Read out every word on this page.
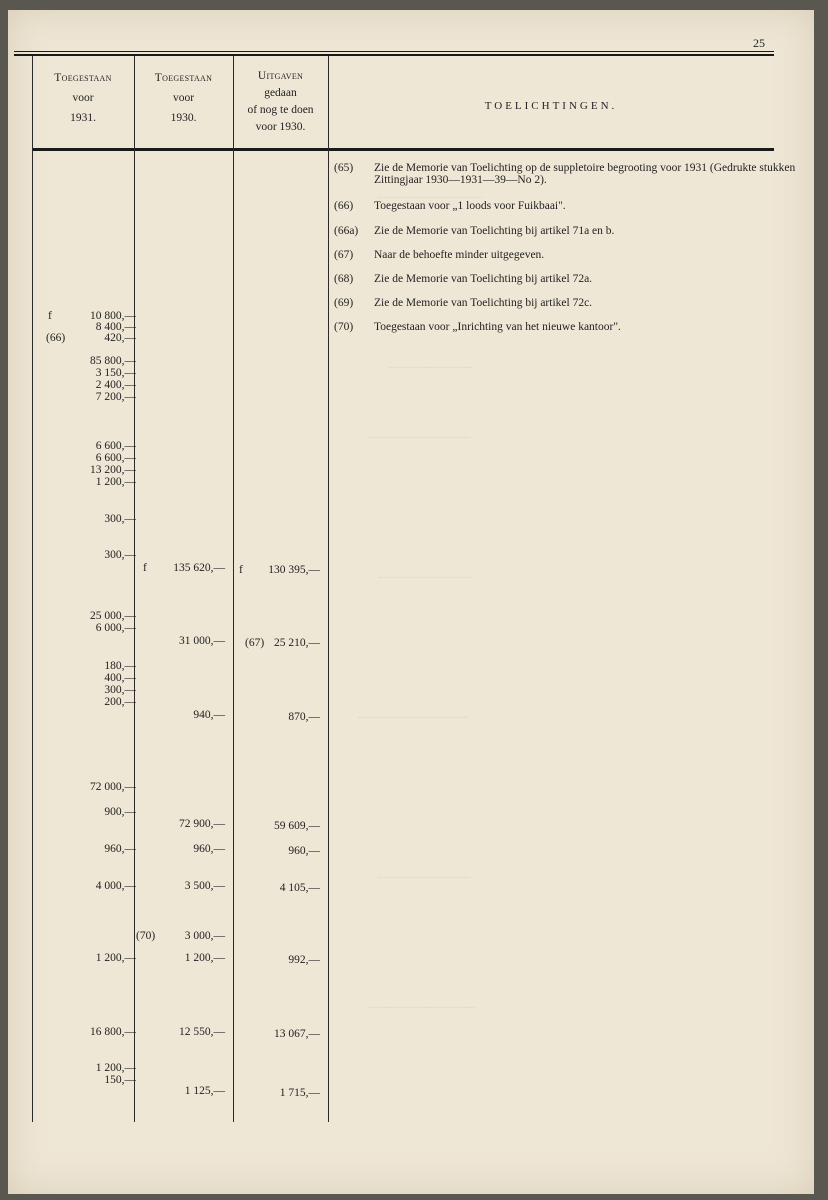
..........................................
..................................
.........................................
......................................
............................................
.....................................
...........................................
25
Toegestaan
voor
1931.
Toegestaan
voor
1930.
Uitgaven
gedaan
of nog te doen
voor 1930.
TOELICHTINGEN.
f
(66)
10 800,—
8 400,—
420,—
85 800,—
3 150,—
2 400,—
7 200,—
6 600,—
6 600,—
13 200,—
1 200,—
300,—
300,—
25 000,—
6 000,—
180,—
400,—
300,—
200,—
72 000,—
900,—
960,—
4 000,—
1 200,—
16 800,—
1 200,—
150,—
f
(70)
135 620,—
31 000,—
940,—
72 900,—
960,—
3 500,—
3 000,—
1 200,—
12 550,—
1 125,—
f
(67)
130 395,—
25 210,—
870,—
59 609,—
960,—
4 105,—
992,—
13 067,—
1 715,—
(65) Zie de Memorie van Toelichting op de suppletoire begrooting voor 1931 (Gedrukte stukken Zittingjaar 1930—1931—39—No 2).
(66) Toegestaan voor „1 loods voor Fuikbaai".
(66a) Zie de Memorie van Toelichting bij artikel 71a en b.
(67) Naar de behoefte minder uitgegeven.
(68) Zie de Memorie van Toelichting bij artikel 72a.
(69) Zie de Memorie van Toelichting bij artikel 72c.
(70) Toegestaan voor „Inrichting van het nieuwe kantoor".
